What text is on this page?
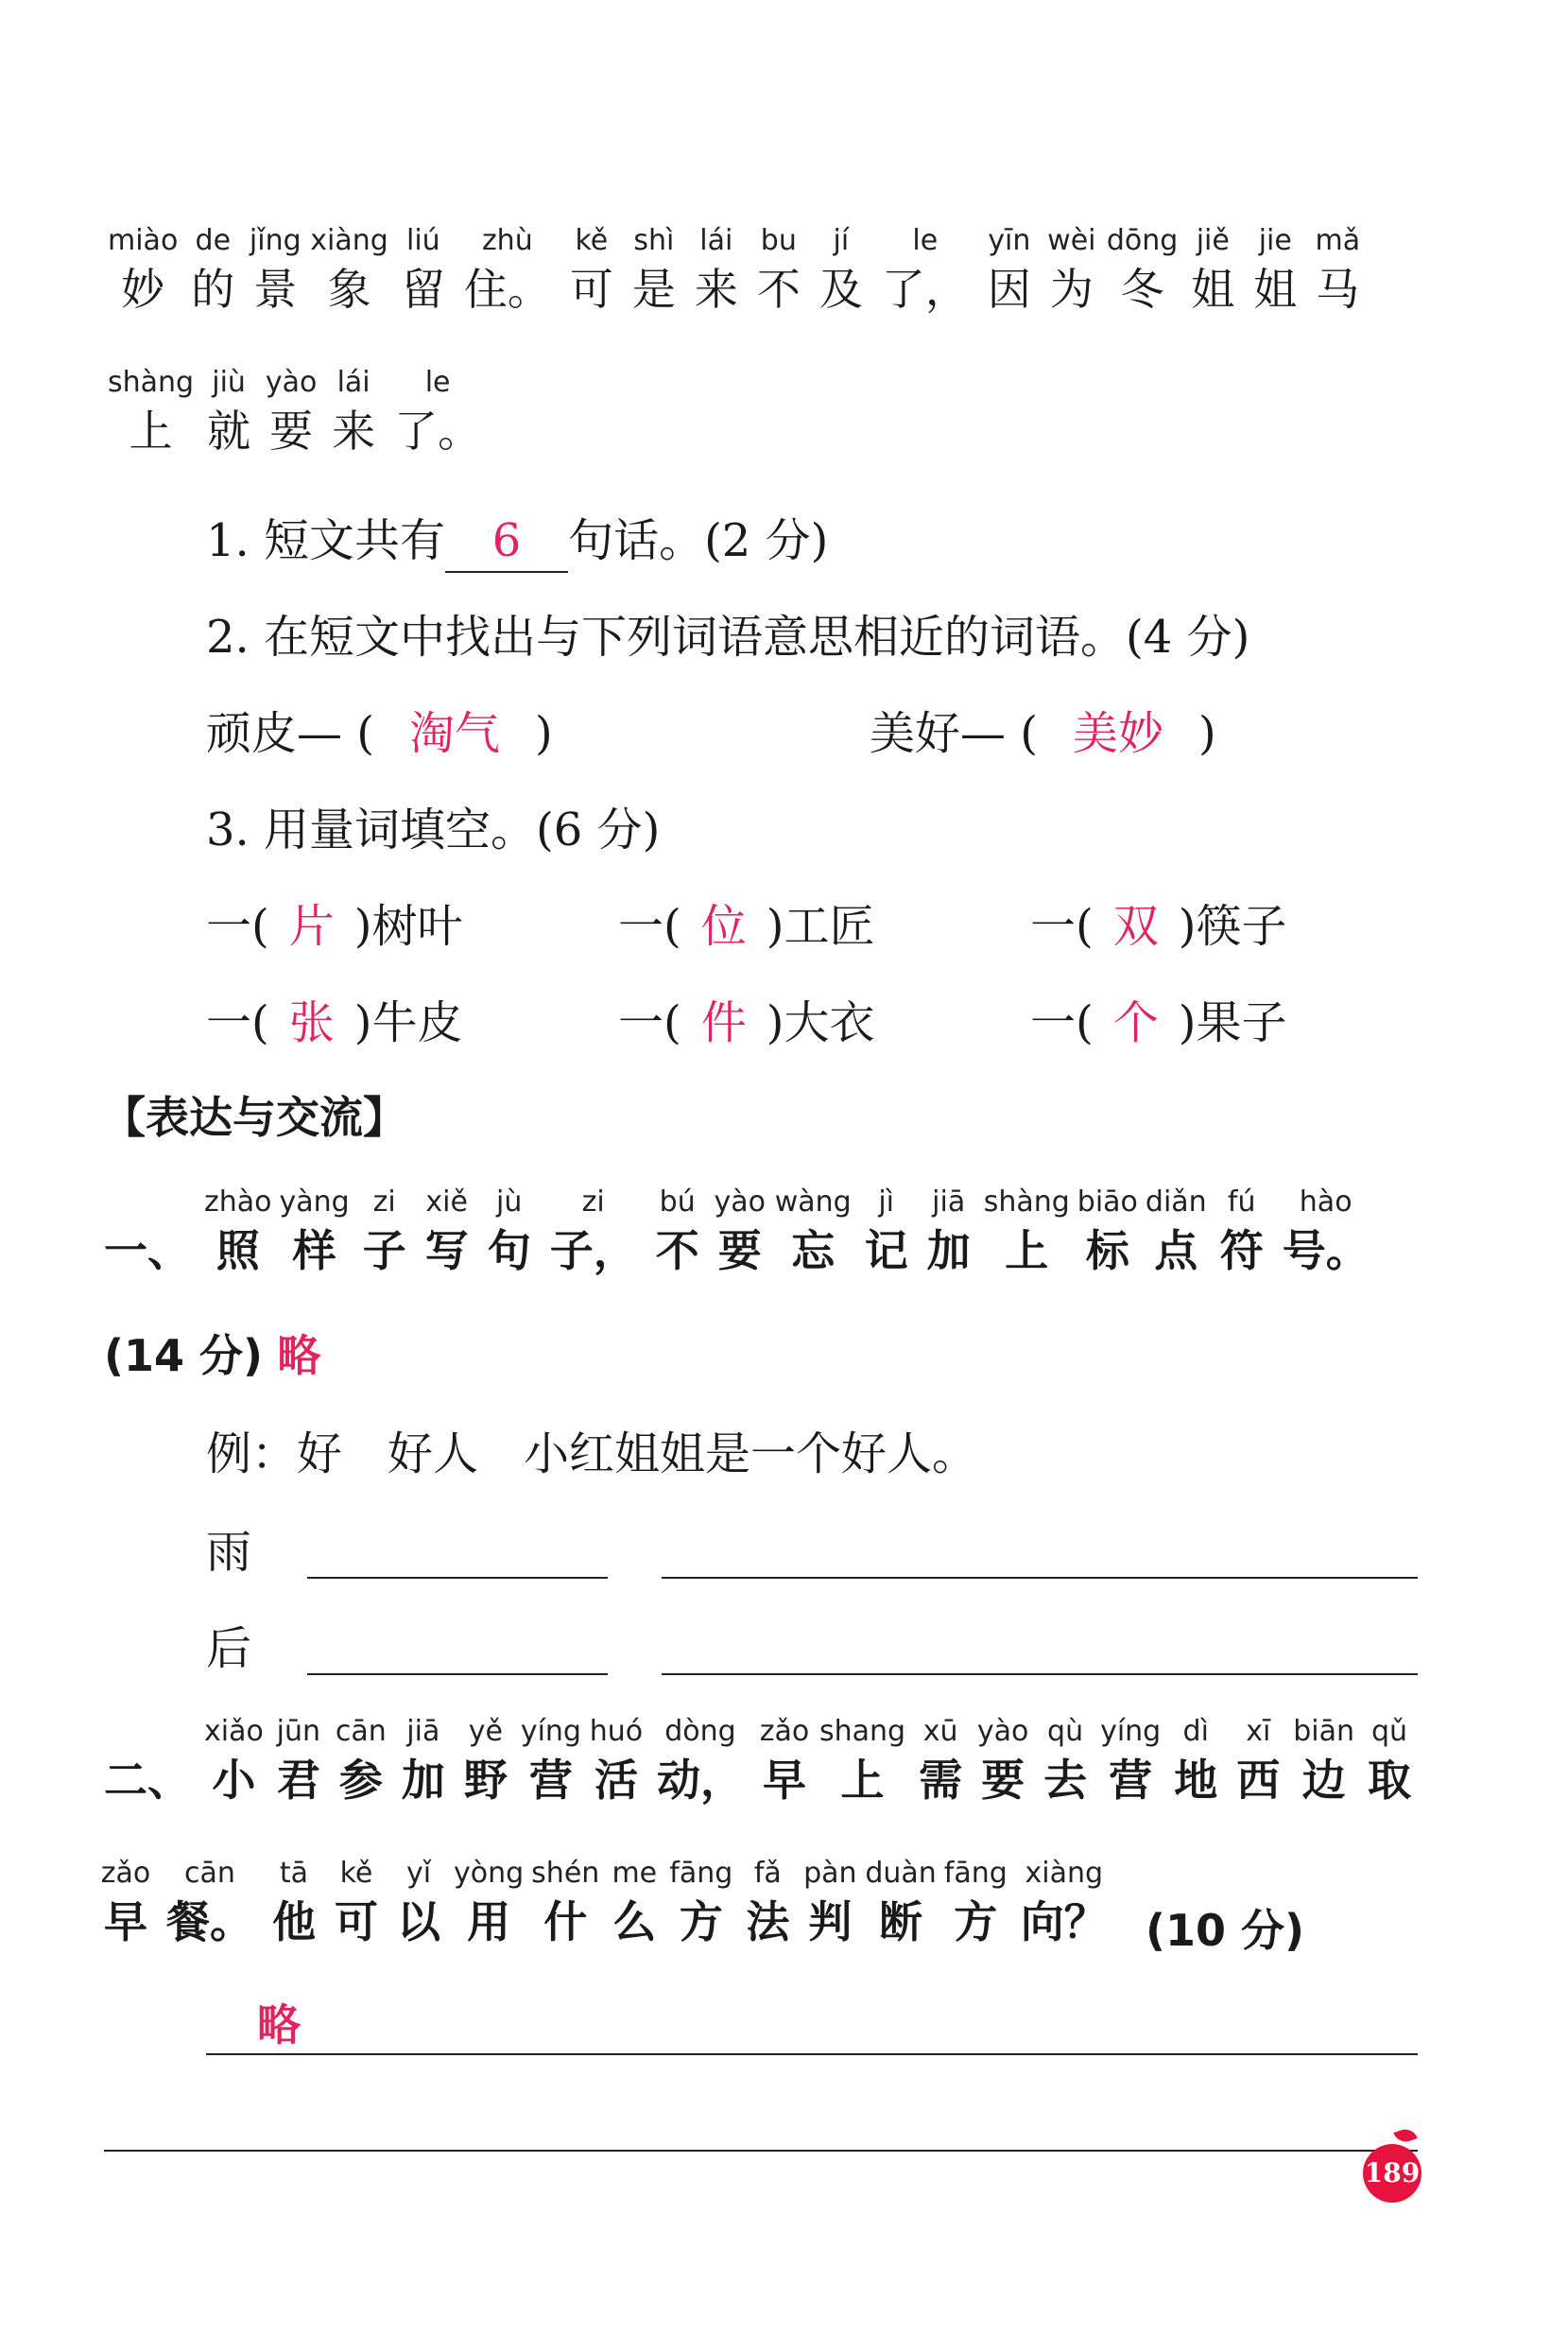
miào
妙
de
的
jǐng
景
xiàng
象
liú
留
zhù
住。
kě
可
shì
是
lái
来
bu
不
jí
及
le
了，
yīn
因
wèi
为
dōng
冬
jiě
姐
jie
姐
mǎ
马
shàng
上
jiù
就
yào
要
lái
来
le
了。
1. 短文共有 6 句话。(2 分)
2. 在短文中找出与下列词语意思相近的词语。(4 分)
顽皮— ( 淘气 )	美好— ( 美妙 )
3. 用量词填空。(6 分)
一( 片 )树叶	一( 位 )工匠	一( 双 )筷子
一( 张 )牛皮	一( 件 )大衣	一( 个 )果子
【表达与交流】
一、
zhào
照
yàng
样
zi
子
xiě
写
jù
句
zi
子，
bú
不
yào
要
wàng
忘
jì
记
jiā
加
shàng
上
biāo
标
diǎn
点
fú
符
hào
号。
(14 分) 略
例：好　好人　小红姐姐是一个好人。
雨
后
二、
xiǎo
小
jūn
君
cān
参
jiā
加
yě
野
yíng
营
huó
活
dòng
动，
zǎo
早
shang
上
xū
需
yào
要
qù
去
yíng
营
dì
地
xī
西
biān
边
qǔ
取
zǎo
早
cān
餐。
tā
他
kě
可
yǐ
以
yòng
用
shén
什
me
么
fāng
方
fǎ
法
pàn
判
duàn
断
fāng
方
xiàng
向？ (10 分)
略
189
